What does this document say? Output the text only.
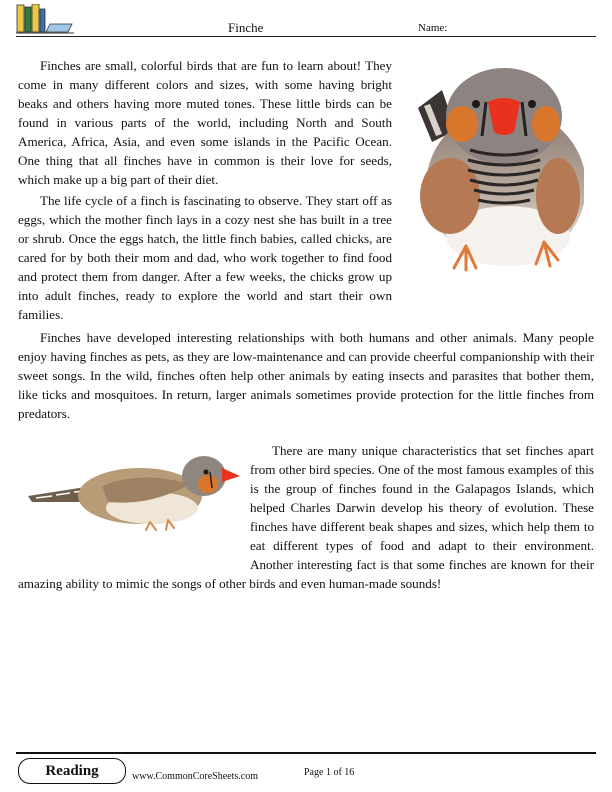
Finche	Name:

Finches are small, colorful birds that are fun to learn about! They come in many different colors and sizes, with some having bright beaks and others having more muted tones. These little birds can be found in various parts of the world, including North and South America, Africa, Asia, and even some islands in the Pacific Ocean. One thing that all finches have in common is their love for seeds, which make up a big part of their diet.

The life cycle of a finch is fascinating to observe. They start off as eggs, which the mother finch lays in a cozy nest she has built in a tree or shrub. Once the eggs hatch, the little finch babies, called chicks, are cared for by both their mom and dad, who work together to find food and protect them from danger. After a few weeks, the chicks grow up into adult finches, ready to explore the world and start their own families.

Finches have developed interesting relationships with both humans and other animals. Many people enjoy having finches as pets, as they are low-maintenance and can provide cheerful companionship with their sweet songs. In the wild, finches often help other animals by eating insects and parasites that bother them, like ticks and mosquitoes. In return, larger animals sometimes provide protection for the little finches from predators.

There are many unique characteristics that set finches apart from other bird species. One of the most famous examples of this is the group of finches found in the Galapagos Islands, which helped Charles Darwin develop his theory of evolution. These finches have different beak shapes and sizes, which help them to eat different types of food and adapt to their environment. Another interesting fact is that some finches are known for their amazing ability to mimic the songs of other birds and even human-made sounds!
Reading	www.CommonCoreSheets.com	Page 1 of 16
